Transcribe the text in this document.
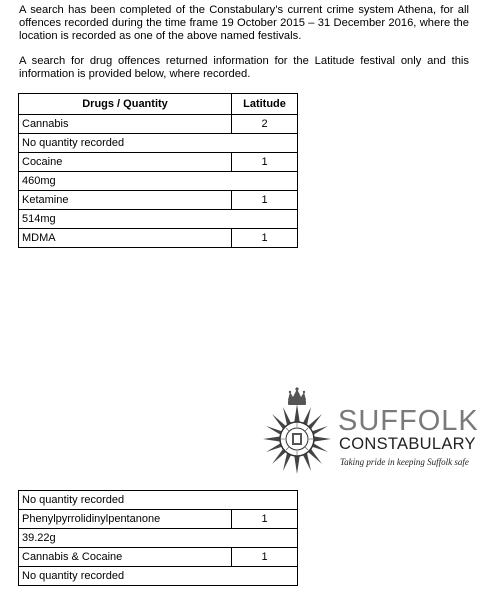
A search has been completed of the Constabulary’s current crime system Athena, for all offences recorded during the time frame 19 October 2015 – 31 December 2016, where the location is recorded as one of the above named festivals.

A search for drug offences returned information for the Latitude festival only and this information is provided below, where recorded.

Drugs / Quantity	Latitude
Cannabis	2
No quantity recorded	
Cocaine	1
460mg	
Ketamine	1
514mg	
MDMA	1
No quantity recorded	
Phenylpyrrolidinylpentanone	1
39.22g	
Cannabis & Cocaine	1
No quantity recorded	
SUFFOLK
CONSTABULARY
Taking pride in keeping Suffolk safe
